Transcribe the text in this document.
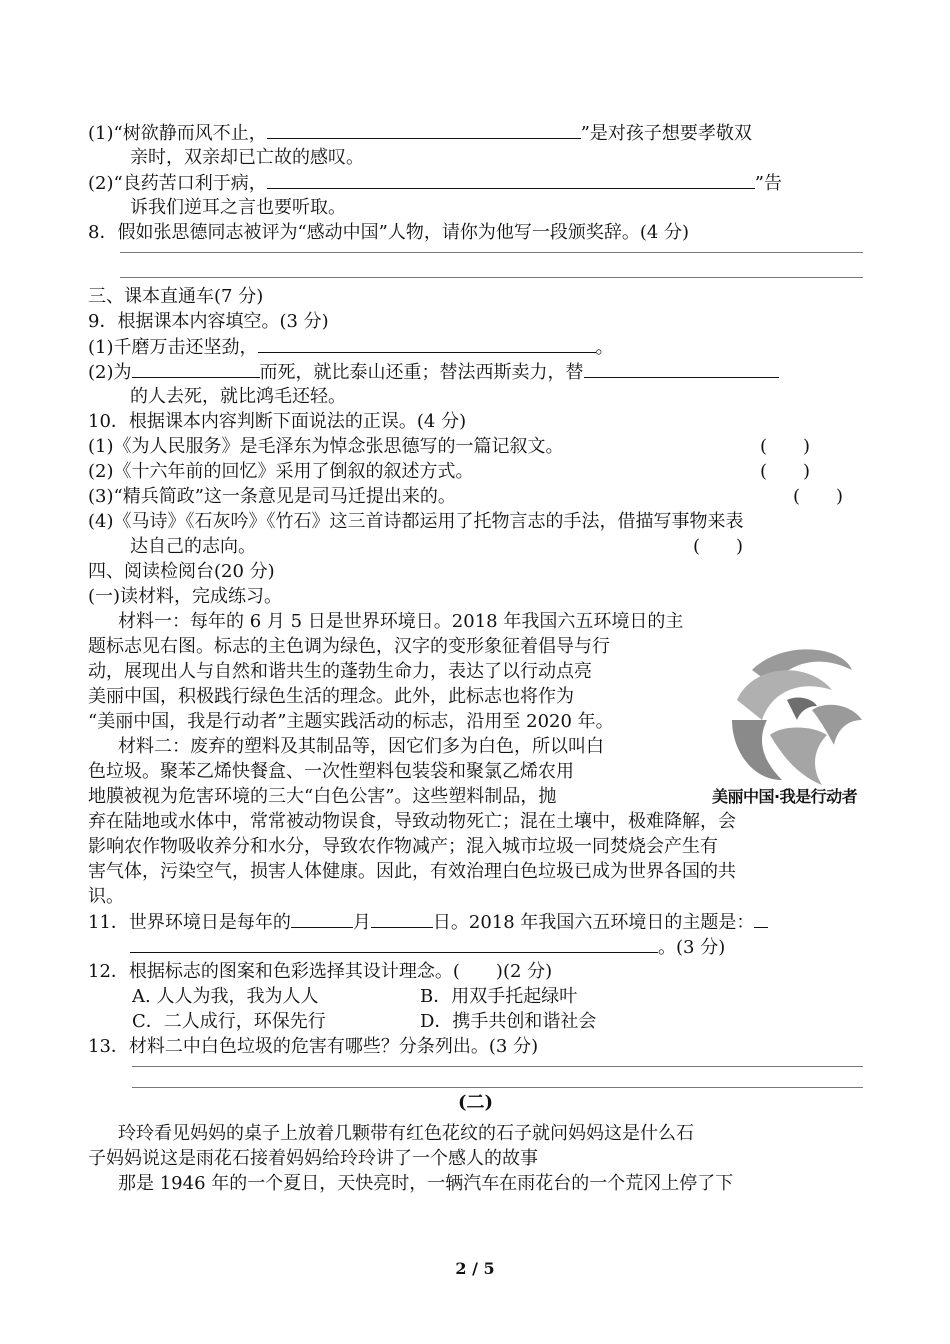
(1)“树欲静而风不止，	”是对孩子想要孝敬双
亲时，双亲却已亡故的感叹。
(2)“良药苦口利于病，	”告
诉我们逆耳之言也要听取。
8．假如张思德同志被评为“感动中国”人物，请你为他写一段颁奖辞。(4 分)
三、课本直通车(7 分)
9．根据课本内容填空。(3 分)
(1)千磨万击还坚劲，	。
(2)为	而死，就比泰山还重；替法西斯卖力，替
的人去死，就比鸿毛还轻。
10．根据课本内容判断下面说法的正误。(4 分)
(1)《为人民服务》是毛泽东为悼念张思德写的一篇记叙文。	(　　)
(2)《十六年前的回忆》采用了倒叙的叙述方式。	(　　)
(3)“精兵简政”这一条意见是司马迁提出来的。	(　　)
(4)《马诗》《石灰吟》《竹石》这三首诗都运用了托物言志的手法，借描写事物来表
达自己的志向。	(　　)
四、阅读检阅台(20 分)
(一)读材料，完成练习。
材料一：每年的 6 月 5 日是世界环境日。2018 年我国六五环境日的主
题标志见右图。标志的主色调为绿色，汉字的变形象征着倡导与行
动，展现出人与自然和谐共生的蓬勃生命力，表达了以行动点亮
美丽中国，积极践行绿色生活的理念。此外，此标志也将作为
“美丽中国，我是行动者”主题实践活动的标志，沿用至 2020 年。
材料二：废弃的塑料及其制品等，因它们多为白色，所以叫白
色垃圾。聚苯乙烯快餐盒、一次性塑料包装袋和聚氯乙烯农用
地膜被视为危害环境的三大“白色公害”。这些塑料制品，抛
弃在陆地或水体中，常常被动物误食，导致动物死亡；混在土壤中，极难降解，会
影响农作物吸收养分和水分，导致农作物减产；混入城市垃圾一同焚烧会产生有
害气体，污染空气，损害人体健康。因此，有效治理白色垃圾已成为世界各国的共
识。
11．世界环境日是每年的	月	日。2018 年我国六五环境日的主题是：
。(3 分)
12．根据标志的图案和色彩选择其设计理念。(　　)(2 分)
A. 人人为我，我为人人	B．用双手托起绿叶
C．二人成行，环保先行	D．携手共创和谐社会
13．材料二中白色垃圾的危害有哪些？分条列出。(3 分)
(二)
玲玲看见妈妈的桌子上放着几颗带有红色花纹的石子就问妈妈这是什么石
子妈妈说这是雨花石接着妈妈给玲玲讲了一个感人的故事
那是 1946 年的一个夏日，天快亮时，一辆汽车在雨花台的一个荒冈上停了下
美丽中国·我是行动者
2 / 5
